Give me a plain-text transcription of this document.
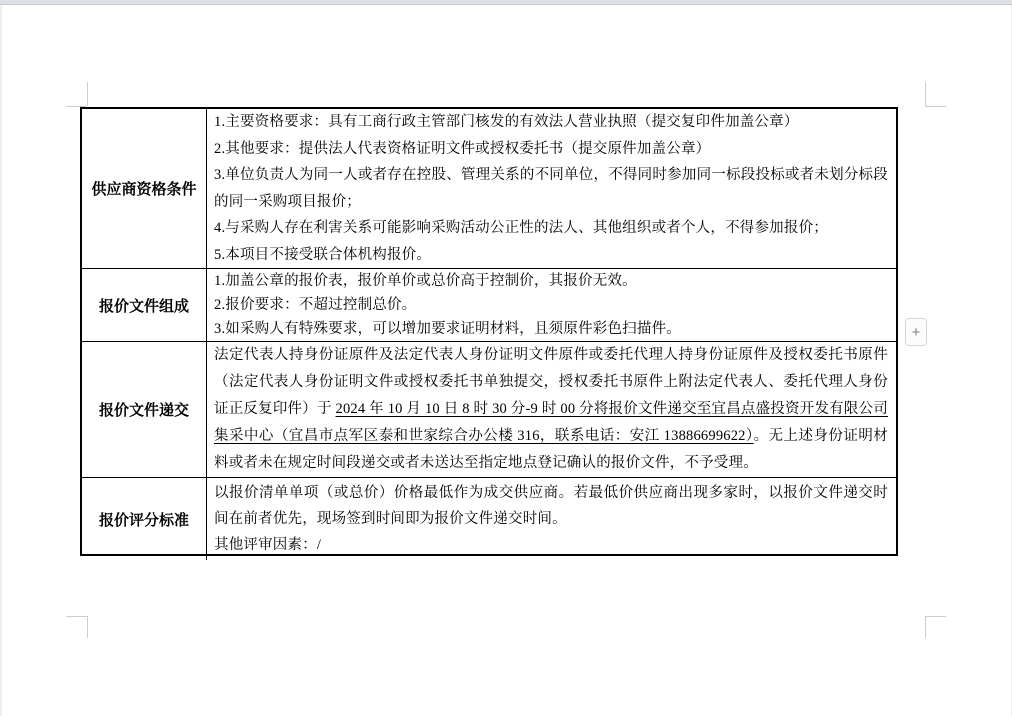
供应商资格条件

1.主要资格要求：具有工商行政主管部门核发的有效法人营业执照（提交复印件加盖公章）

2.其他要求：提供法人代表资格证明文件或授权委托书（提交原件加盖公章）

3.单位负责人为同一人或者存在控股、管理关系的不同单位，不得同时参加同一标段投标或者未划分标段的同一采购项目报价；

4.与采购人存在利害关系可能影响采购活动公正性的法人、其他组织或者个人，不得参加报价；

5.本项目不接受联合体机构报价。

报价文件组成

1.加盖公章的报价表，报价单价或总价高于控制价，其报价无效。

2.报价要求：不超过控制总价。

3.如采购人有特殊要求，可以增加要求证明材料，且须原件彩色扫描件。

报价文件递交

法定代表人持身份证原件及法定代表人身份证明文件原件或委托代理人持身份证原件及授权委托书原件（法定代表人身份证明文件或授权委托书单独提交，授权委托书原件上附法定代表人、委托代理人身份证正反复印件）于 2024 年 10 月 10 日 8 时 30 分-9 时 00 分将报价文件递交至宜昌点盛投资开发有限公司集采中心（宜昌市点军区泰和世家综合办公楼 316，联系电话：安江 13886699622）。无上述身份证明材料或者未在规定时间段递交或者未送达至指定地点登记确认的报价文件，不予受理。

报价评分标准

以报价清单单项（或总价）价格最低作为成交供应商。若最低价供应商出现多家时，以报价文件递交时间在前者优先，现场签到时间即为报价文件递交时间。

其他评审因素：/

+
